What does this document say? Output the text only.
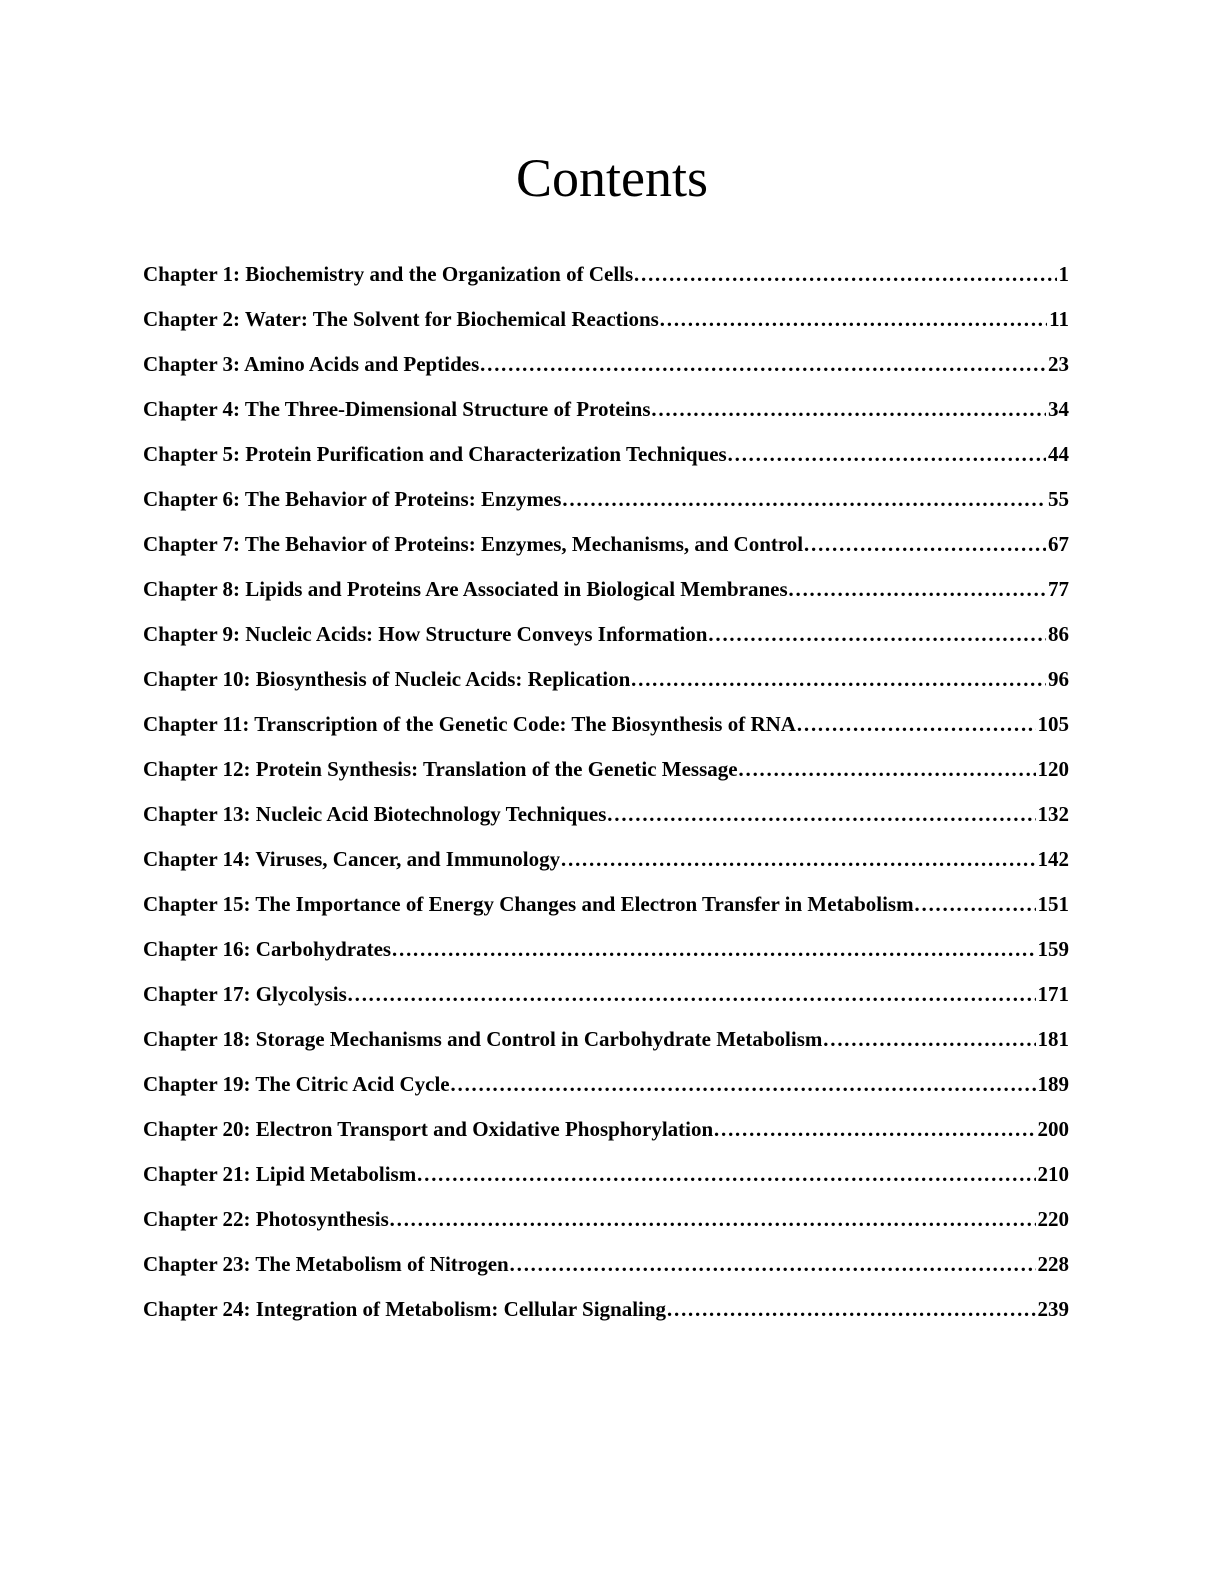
Contents
Chapter 1: Biochemistry and the Organization of Cells ………………………………………………………………………………………………………………………………………	1
Chapter 2: Water: The Solvent for Biochemical Reactions ………………………………………………………………………………………………………………………………………	11
Chapter 3: Amino Acids and Peptides ………………………………………………………………………………………………………………………………………	23
Chapter 4: The Three-Dimensional Structure of Proteins ………………………………………………………………………………………………………………………………………	34
Chapter 5: Protein Purification and Characterization Techniques ………………………………………………………………………………………………………………………………………	44
Chapter 6: The Behavior of Proteins: Enzymes ………………………………………………………………………………………………………………………………………	55
Chapter 7: The Behavior of Proteins: Enzymes, Mechanisms, and Control ………………………………………………………………………………………………………………………………………	67
Chapter 8: Lipids and Proteins Are Associated in Biological Membranes ………………………………………………………………………………………………………………………………………	77
Chapter 9: Nucleic Acids: How Structure Conveys Information ………………………………………………………………………………………………………………………………………	86
Chapter 10: Biosynthesis of Nucleic Acids: Replication ………………………………………………………………………………………………………………………………………	96
Chapter 11: Transcription of the Genetic Code: The Biosynthesis of RNA ………………………………………………………………………………………………………………………………………	105
Chapter 12: Protein Synthesis: Translation of the Genetic Message ………………………………………………………………………………………………………………………………………	120
Chapter 13: Nucleic Acid Biotechnology Techniques ………………………………………………………………………………………………………………………………………	132
Chapter 14: Viruses, Cancer, and Immunology ………………………………………………………………………………………………………………………………………	142
Chapter 15: The Importance of Energy Changes and Electron Transfer in Metabolism ………………………………………………………………………………………………………………………………………	151
Chapter 16: Carbohydrates ………………………………………………………………………………………………………………………………………	159
Chapter 17: Glycolysis ………………………………………………………………………………………………………………………………………	171
Chapter 18: Storage Mechanisms and Control in Carbohydrate Metabolism ………………………………………………………………………………………………………………………………………	181
Chapter 19: The Citric Acid Cycle ………………………………………………………………………………………………………………………………………	189
Chapter 20: Electron Transport and Oxidative Phosphorylation ………………………………………………………………………………………………………………………………………	200
Chapter 21: Lipid Metabolism ………………………………………………………………………………………………………………………………………	210
Chapter 22: Photosynthesis ………………………………………………………………………………………………………………………………………	220
Chapter 23: The Metabolism of Nitrogen ………………………………………………………………………………………………………………………………………	228
Chapter 24: Integration of Metabolism: Cellular Signaling ………………………………………………………………………………………………………………………………………	239
